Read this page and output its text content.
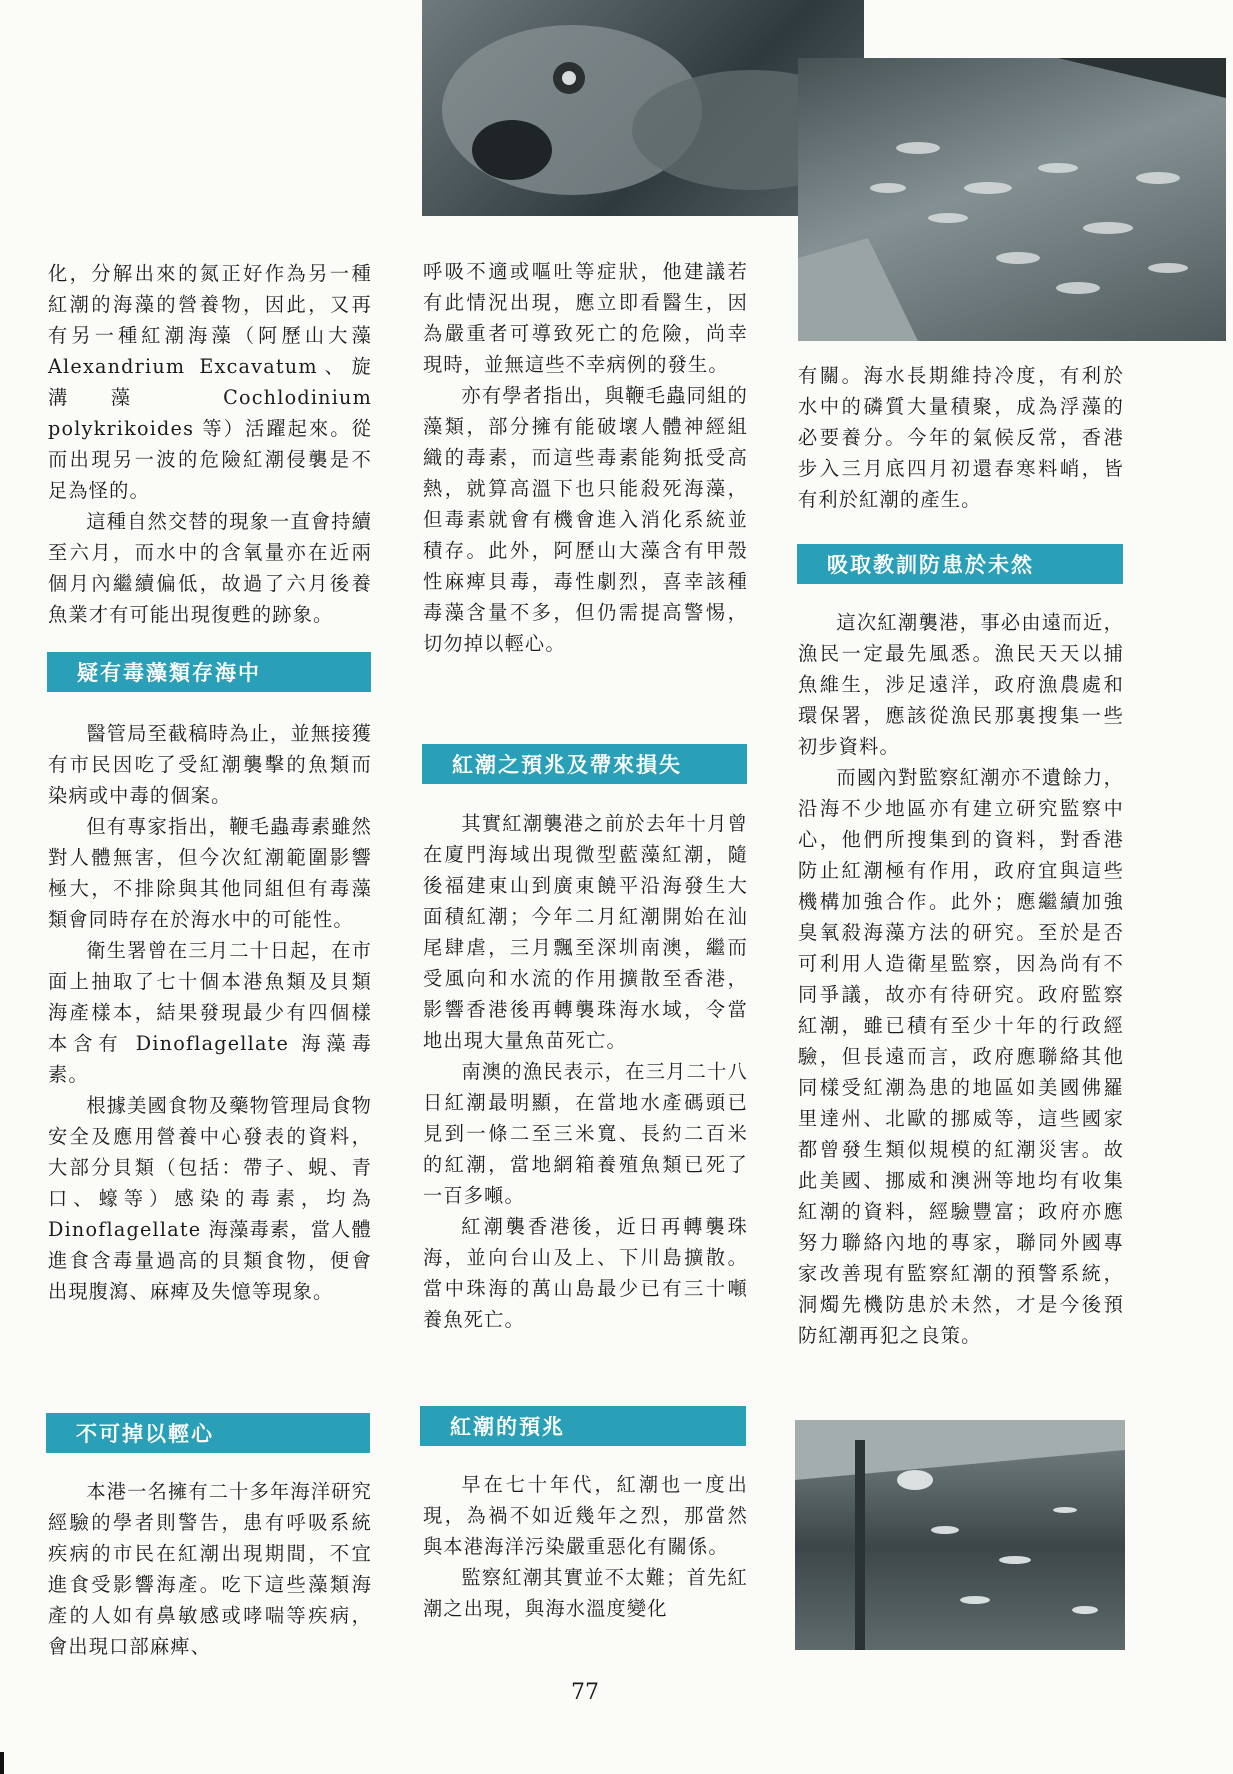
化，分解出來的氮正好作為另一種紅潮的海藻的營養物，因此，又再有另一種紅潮海藻（阿歷山大藻 Alexandrium Excavatum、旋溝藻 Cochlodinium polykrikoides 等）活躍起來。從而出現另一波的危險紅潮侵襲是不足為怪的。

這種自然交替的現象一直會持續至六月，而水中的含氧量亦在近兩個月內繼續偏低，故過了六月後養魚業才有可能出現復甦的跡象。

疑有毒藻類存海中

醫管局至截稿時為止，並無接獲有市民因吃了受紅潮襲擊的魚類而染病或中毒的個案。

但有專家指出，鞭毛蟲毒素雖然對人體無害，但今次紅潮範圍影響極大，不排除與其他同組但有毒藻類會同時存在於海水中的可能性。

衛生署曾在三月二十日起，在市面上抽取了七十個本港魚類及貝類海產樣本，結果發現最少有四個樣本含有 Dinoflagellate 海藻毒素。

根據美國食物及藥物管理局食物安全及應用營養中心發表的資料，大部分貝類（包括：帶子、蜆、青口、蠔等）感染的毒素，均為 Dinoflagellate 海藻毒素，當人體進食含毒量過高的貝類食物，便會出現腹瀉、麻痺及失憶等現象。

不可掉以輕心

本港一名擁有二十多年海洋研究經驗的學者則警告，患有呼吸系統疾病的市民在紅潮出現期間，不宜進食受影響海產。吃下這些藻類海產的人如有鼻敏感或哮喘等疾病，會出現口部麻痺、

呼吸不適或嘔吐等症狀，他建議若有此情況出現，應立即看醫生，因為嚴重者可導致死亡的危險，尚幸現時，並無這些不幸病例的發生。

亦有學者指出，與鞭毛蟲同組的藻類，部分擁有能破壞人體神經組織的毒素，而這些毒素能夠抵受高熱，就算高溫下也只能殺死海藻，但毒素就會有機會進入消化系統並積存。此外，阿歷山大藻含有甲殼性麻痺貝毒，毒性劇烈，喜幸該種毒藻含量不多，但仍需提高警惕，切勿掉以輕心。

紅潮之預兆及帶來損失

其實紅潮襲港之前於去年十月曾在廈門海域出現微型藍藻紅潮，隨後福建東山到廣東饒平沿海發生大面積紅潮；今年二月紅潮開始在汕尾肆虐，三月飄至深圳南澳，繼而受風向和水流的作用擴散至香港，影響香港後再轉襲珠海水域，令當地出現大量魚苗死亡。

南澳的漁民表示，在三月二十八日紅潮最明顯，在當地水產碼頭已見到一條二至三米寬、長約二百米的紅潮，當地網箱養殖魚類已死了一百多噸。

紅潮襲香港後，近日再轉襲珠海，並向台山及上、下川島擴散。當中珠海的萬山島最少已有三十噸養魚死亡。

紅潮的預兆

早在七十年代，紅潮也一度出現，為禍不如近幾年之烈，那當然與本港海洋污染嚴重惡化有關係。

監察紅潮其實並不太難；首先紅潮之出現，與海水溫度變化

有關。海水長期維持冷度，有利於水中的磷質大量積聚，成為浮藻的必要養分。今年的氣候反常，香港步入三月底四月初還春寒料峭，皆有利於紅潮的產生。

吸取教訓防患於未然

這次紅潮襲港，事必由遠而近，漁民一定最先風悉。漁民天天以捕魚維生，涉足遠洋，政府漁農處和環保署，應該從漁民那裏搜集一些初步資料。

而國內對監察紅潮亦不遺餘力，沿海不少地區亦有建立研究監察中心，他們所搜集到的資料，對香港防止紅潮極有作用，政府宜與這些機構加強合作。此外；應繼續加強臭氧殺海藻方法的研究。至於是否可利用人造衛星監察，因為尚有不同爭議，故亦有待研究。政府監察紅潮，雖已積有至少十年的行政經驗，但長遠而言，政府應聯絡其他同樣受紅潮為患的地區如美國佛羅里達州、北歐的挪威等，這些國家都曾發生類似規模的紅潮災害。故此美國、挪威和澳洲等地均有收集紅潮的資料，經驗豐富；政府亦應努力聯絡內地的專家，聯同外國專家改善現有監察紅潮的預警系統，洞燭先機防患於未然，才是今後預防紅潮再犯之良策。

77
